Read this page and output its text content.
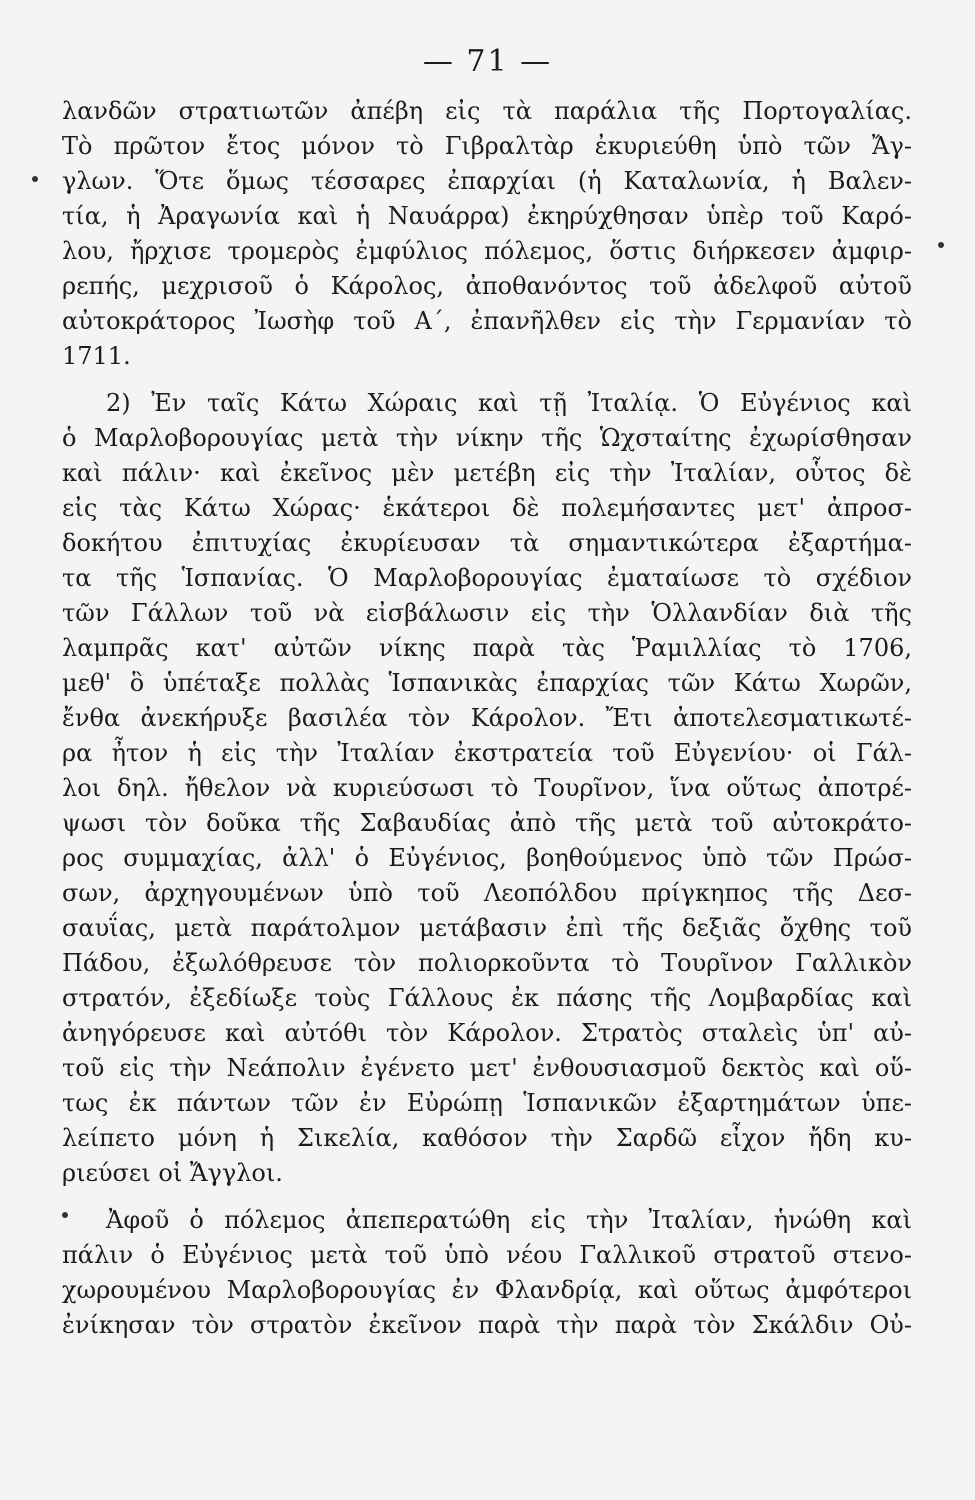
— 71 —
λανδῶν στρατιωτῶν ἀπέβη εἰς τὰ παράλια τῆς Πορτογαλίας.
Τὸ πρῶτον ἔτος μόνον τὸ Γιβραλτὰρ ἐκυριεύθη ὑπὸ τῶν Ἄγ-
γλων. Ὅτε ὅμως τέσσαρες ἐπαρχίαι (ἡ Καταλωνία, ἡ Βαλεν-
τία, ἡ Ἀραγωνία καὶ ἡ Ναυάρρα) ἐκηρύχθησαν ὑπὲρ τοῦ Καρό-
λου, ἤρχισε τρομερὸς ἐμφύλιος πόλεμος, ὅστις διήρκεσεν ἀμφιρ-
ρεπής, μεχρισοῦ ὁ Κάρολος, ἀποθανόντος τοῦ ἀδελφοῦ αὐτοῦ
αὐτοκράτορος Ἰωσὴφ τοῦ Α΄, ἐπανῆλθεν εἰς τὴν Γερμανίαν τὸ
1711.
2) Ἐν ταῖς Κάτω Χώραις καὶ τῇ Ἰταλίᾳ. Ὁ Εὐγένιος καὶ
ὁ Μαρλοβορουγίας μετὰ τὴν νίκην τῆς Ὡχσταίτης ἐχωρίσθησαν
καὶ πάλιν· καὶ ἐκεῖνος μὲν μετέβη εἰς τὴν Ἰταλίαν, οὗτος δὲ
εἰς τὰς Κάτω Χώρας· ἑκάτεροι δὲ πολεμήσαντες μετ' ἀπροσ-
δοκήτου ἐπιτυχίας ἐκυρίευσαν τὰ σημαντικώτερα ἐξαρτήμα-
τα τῆς Ἱσπανίας. Ὁ Μαρλοβορουγίας ἐματαίωσε τὸ σχέδιον
τῶν Γάλλων τοῦ νὰ εἰσβάλωσιν εἰς τὴν Ὁλλανδίαν διὰ τῆς
λαμπρᾶς κατ' αὐτῶν νίκης παρὰ τὰς Ῥαμιλλίας τὸ 1706,
μεθ' ὃ ὑπέταξε πολλὰς Ἱσπανικὰς ἐπαρχίας τῶν Κάτω Χωρῶν,
ἔνθα ἀνεκήρυξε βασιλέα τὸν Κάρολον. Ἔτι ἀποτελεσματικωτέ-
ρα ἦτον ἡ εἰς τὴν Ἰταλίαν ἐκστρατεία τοῦ Εὐγενίου· οἱ Γάλ-
λοι δηλ. ἤθελον νὰ κυριεύσωσι τὸ Τουρῖνον, ἵνα οὕτως ἀποτρέ-
ψωσι τὸν δοῦκα τῆς Σαβαυδίας ἀπὸ τῆς μετὰ τοῦ αὐτοκράτο-
ρος συμμαχίας, ἀλλ' ὁ Εὐγένιος, βοηθούμενος ὑπὸ τῶν Πρώσ-
σων, ἀρχηγουμένων ὑπὸ τοῦ Λεοπόλδου πρίγκηπος τῆς Δεσ-
σαυΐας, μετὰ παράτολμον μετάβασιν ἐπὶ τῆς δεξιᾶς ὄχθης τοῦ
Πάδου, ἐξωλόθρευσε τὸν πολιορκοῦντα τὸ Τουρῖνον Γαλλικὸν
στρατόν, ἐξεδίωξε τοὺς Γάλλους ἐκ πάσης τῆς Λομβαρδίας καὶ
ἀνηγόρευσε καὶ αὐτόθι τὸν Κάρολον. Στρατὸς σταλεὶς ὑπ' αὐ-
τοῦ εἰς τὴν Νεάπολιν ἐγένετο μετ' ἐνθουσιασμοῦ δεκτὸς καὶ οὕ-
τως ἐκ πάντων τῶν ἐν Εὐρώπῃ Ἱσπανικῶν ἐξαρτημάτων ὑπε-
λείπετο μόνη ἡ Σικελία, καθόσον τὴν Σαρδῶ εἶχον ἤδη κυ-
ριεύσει οἱ Ἄγγλοι.
Ἀφοῦ ὁ πόλεμος ἀπεπερατώθη εἰς τὴν Ἰταλίαν, ἡνώθη καὶ
πάλιν ὁ Εὐγένιος μετὰ τοῦ ὑπὸ νέου Γαλλικοῦ στρατοῦ στενο-
χωρουμένου Μαρλοβορουγίας ἐν Φλανδρίᾳ, καὶ οὕτως ἀμφότεροι
ἐνίκησαν τὸν στρατὸν ἐκεῖνον παρὰ τὴν παρὰ τὸν Σκάλδιν Οὐ-
